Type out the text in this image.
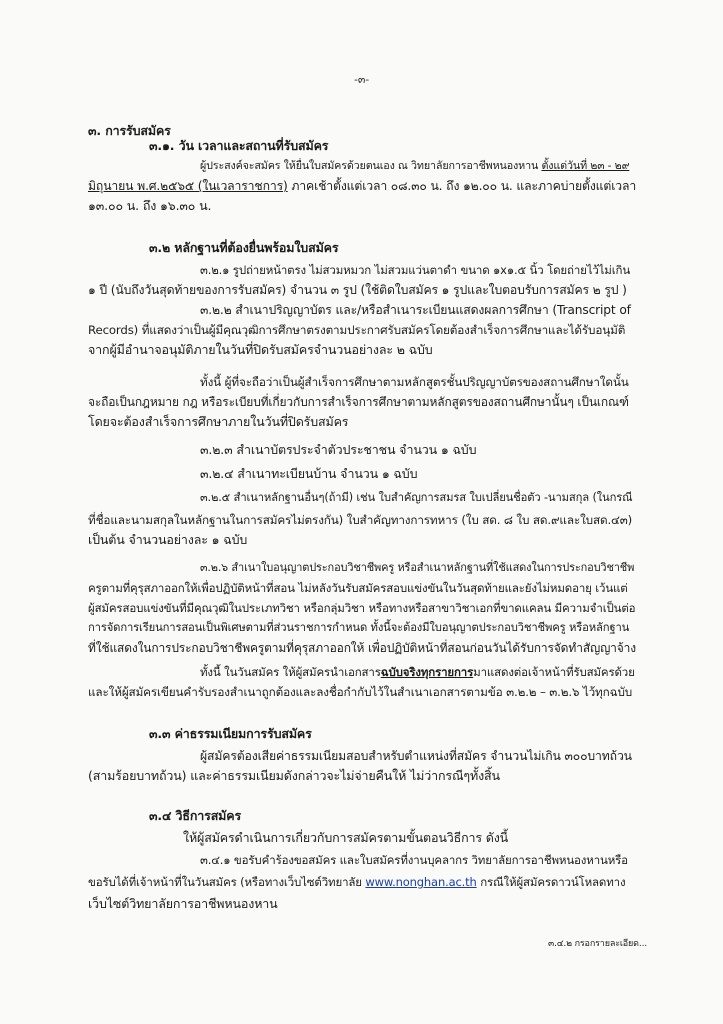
-๓-
๓. การรับสมัคร
๓.๑. วัน เวลาและสถานที่รับสมัคร
ผู้ประสงค์จะสมัคร ให้ยื่นใบสมัครด้วยตนเอง ณ วิทยาลัยการอาชีพหนองหาน ตั้งแต่วันที่ ๒๓ - ๒๙
มิถุนายน พ.ศ.๒๕๖๕ (ในเวลาราชการ) ภาคเช้าตั้งแต่เวลา ๐๘.๓๐ น. ถึง ๑๒.๐๐ น. และภาคบ่ายตั้งแต่เวลา
๑๓.๐๐ น. ถึง ๑๖.๓๐ น.
๓.๒ หลักฐานที่ต้องยื่นพร้อมใบสมัคร
๓.๒.๑ รูปถ่ายหน้าตรง ไม่สวมหมวก ไม่สวมแว่นตาดำ ขนาด ๑x๑.๕ นิ้ว โดยถ่ายไว้ไม่เกิน
๑ ปี (นับถึงวันสุดท้ายของการรับสมัคร) จำนวน ๓ รูป (ใช้ติดใบสมัคร ๑ รูปและใบตอบรับการสมัคร ๒ รูป )
๓.๒.๒ สำเนาปริญญาบัตร และ/หรือสำเนาระเบียนแสดงผลการศึกษา (Transcript of
Records) ที่แสดงว่าเป็นผู้มีคุณวุฒิการศึกษาตรงตามประกาศรับสมัครโดยต้องสำเร็จการศึกษาและได้รับอนุมัติ
จากผู้มีอำนาจอนุมัติภายในวันที่ปิดรับสมัครจำนวนอย่างละ ๒ ฉบับ
ทั้งนี้ ผู้ที่จะถือว่าเป็นผู้สำเร็จการศึกษาตามหลักสูตรชั้นปริญญาบัตรของสถานศึกษาใดนั้น
จะถือเป็นกฎหมาย กฎ หรือระเบียบที่เกี่ยวกับการสำเร็จการศึกษาตามหลักสูตรของสถานศึกษานั้นๆ เป็นเกณฑ์
โดยจะต้องสำเร็จการศึกษาภายในวันที่ปิดรับสมัคร
๓.๒.๓ สำเนาบัตรประจำตัวประชาชน จำนวน ๑ ฉบับ
๓.๒.๔ สำเนาทะเบียนบ้าน จำนวน ๑ ฉบับ
๓.๒.๕ สำเนาหลักฐานอื่นๆ(ถ้ามี) เช่น ใบสำคัญการสมรส ใบเปลี่ยนชื่อตัว -นามสกุล (ในกรณี
ที่ชื่อและนามสกุลในหลักฐานในการสมัครไม่ตรงกัน) ใบสำคัญทางการทหาร (ใบ สด. ๘ ใบ สด.๙และใบสด.๔๓)
เป็นต้น จำนวนอย่างละ ๑ ฉบับ
๓.๒.๖ สำเนาใบอนุญาตประกอบวิชาชีพครู หรือสำเนาหลักฐานที่ใช้แสดงในการประกอบวิชาชีพ
ครูตามที่คุรุสภาออกให้เพื่อปฏิบัติหน้าที่สอน ไม่หลังวันรับสมัครสอบแข่งขันในวันสุดท้ายและยังไม่หมดอายุ เว้นแต่
ผู้สมัครสอบแข่งขันที่มีคุณวุฒิในประเภทวิชา หรือกลุ่มวิชา หรือทางหรือสาขาวิชาเอกที่ขาดแคลน มีความจำเป็นต่อ
การจัดการเรียนการสอนเป็นพิเศษตามที่ส่วนราชการกำหนด ทั้งนี้จะต้องมีใบอนุญาตประกอบวิชาชีพครู หรือหลักฐาน
ที่ใช้แสดงในการประกอบวิชาชีพครูตามที่คุรุสภาออกให้ เพื่อปฏิบัติหน้าที่สอนก่อนวันได้รับการจัดทำสัญญาจ้าง
ทั้งนี้ ในวันสมัคร ให้ผู้สมัครนำเอกสารฉบับจริงทุกรายการมาแสดงต่อเจ้าหน้าที่รับสมัครด้วย
และให้ผู้สมัครเขียนคำรับรองสำเนาถูกต้องและลงชื่อกำกับไว้ในสำเนาเอกสารตามข้อ ๓.๒.๒ – ๓.๒.๖ ไว้ทุกฉบับ
๓.๓ ค่าธรรมเนียมการรับสมัคร
ผู้สมัครต้องเสียค่าธรรมเนียมสอบสำหรับตำแหน่งที่สมัคร จำนวนไม่เกิน ๓๐๐บาทถ้วน
(สามร้อยบาทถ้วน) และค่าธรรมเนียมดังกล่าวจะไม่จ่ายคืนให้ ไม่ว่ากรณีๆทั้งสิ้น
๓.๔ วิธีการสมัคร
ให้ผู้สมัครดำเนินการเกี่ยวกับการสมัครตามขั้นตอนวิธีการ ดังนี้
๓.๔.๑ ขอรับคำร้องขอสมัคร และใบสมัครที่งานบุคลากร วิทยาลัยการอาชีพหนองหานหรือ
ขอรับได้ที่เจ้าหน้าที่ในวันสมัคร (หรือทางเว็บไซต์วิทยาลัย www.nonghan.ac.th กรณีให้ผู้สมัครดาวน์โหลดทาง
เว็บไซต์วิทยาลัยการอาชีพหนองหาน
๓.๔.๒ กรอกรายละเอียด...
